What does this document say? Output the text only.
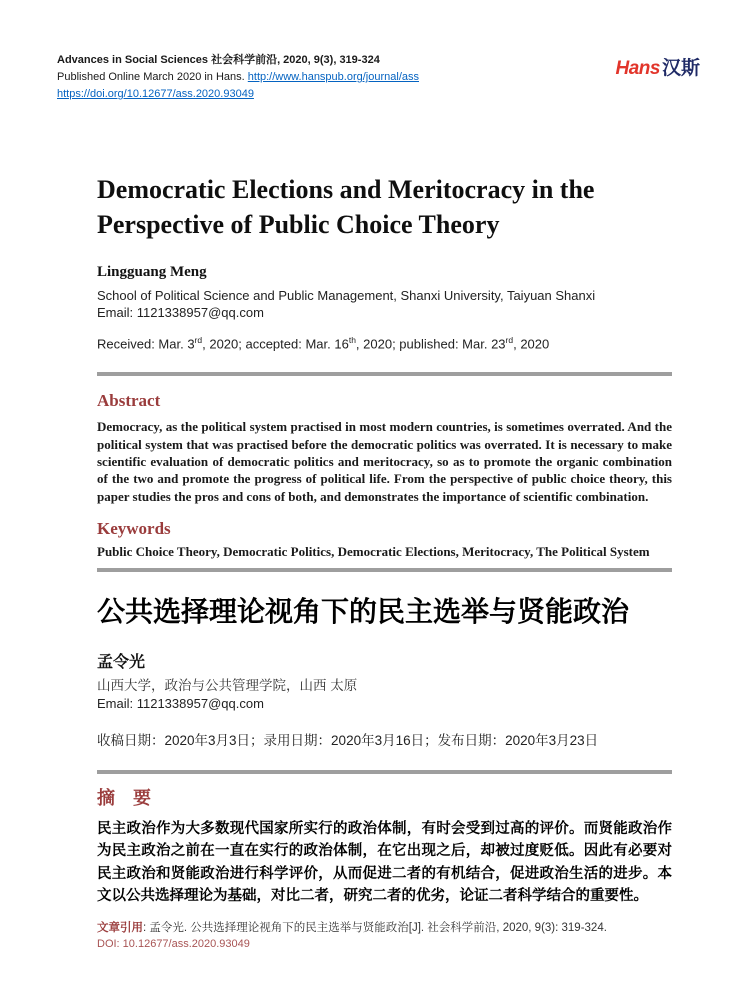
Advances in Social Sciences 社会科学前沿, 2020, 9(3), 319-324

Published Online March 2020 in Hans. http://www.hanspub.org/journal/ass

https://doi.org/10.12677/ass.2020.93049

Hans 汉斯
Democratic Elections and Meritocracy in the Perspective of Public Choice Theory

Lingguang Meng

School of Political Science and Public Management, Shanxi University, Taiyuan Shanxi

Email: 1121338957@qq.com

Received: Mar. 3rd, 2020; accepted: Mar. 16th, 2020; published: Mar. 23rd, 2020

Abstract

Democracy, as the political system practised in most modern countries, is sometimes overrated. And the political system that was practised before the democratic politics was overrated. It is necessary to make scientific evaluation of democratic politics and meritocracy, so as to promote the organic combination of the two and promote the progress of political life. From the perspective of public choice theory, this paper studies the pros and cons of both, and demonstrates the importance of scientific combination.

Keywords

Public Choice Theory, Democratic Politics, Democratic Elections, Meritocracy, The Political System

公共选择理论视角下的民主选举与贤能政治

孟令光

山西大学，政治与公共管理学院，山西 太原

Email: 1121338957@qq.com

收稿日期：2020年3月3日；录用日期：2020年3月16日；发布日期：2020年3月23日

摘　要

民主政治作为大多数现代国家所实行的政治体制，有时会受到过高的评价。而贤能政治作为民主政治之前在一直在实行的政治体制，在它出现之后，却被过度贬低。因此有必要对民主政治和贤能政治进行科学评价，从而促进二者的有机结合，促进政治生活的进步。本文以公共选择理论为基础，对比二者，研究二者的优劣，论证二者科学结合的重要性。

文章引用: 孟令光. 公共选择理论视角下的民主选举与贤能政治[J]. 社会科学前沿, 2020, 9(3): 319-324.

DOI: 10.12677/ass.2020.93049
